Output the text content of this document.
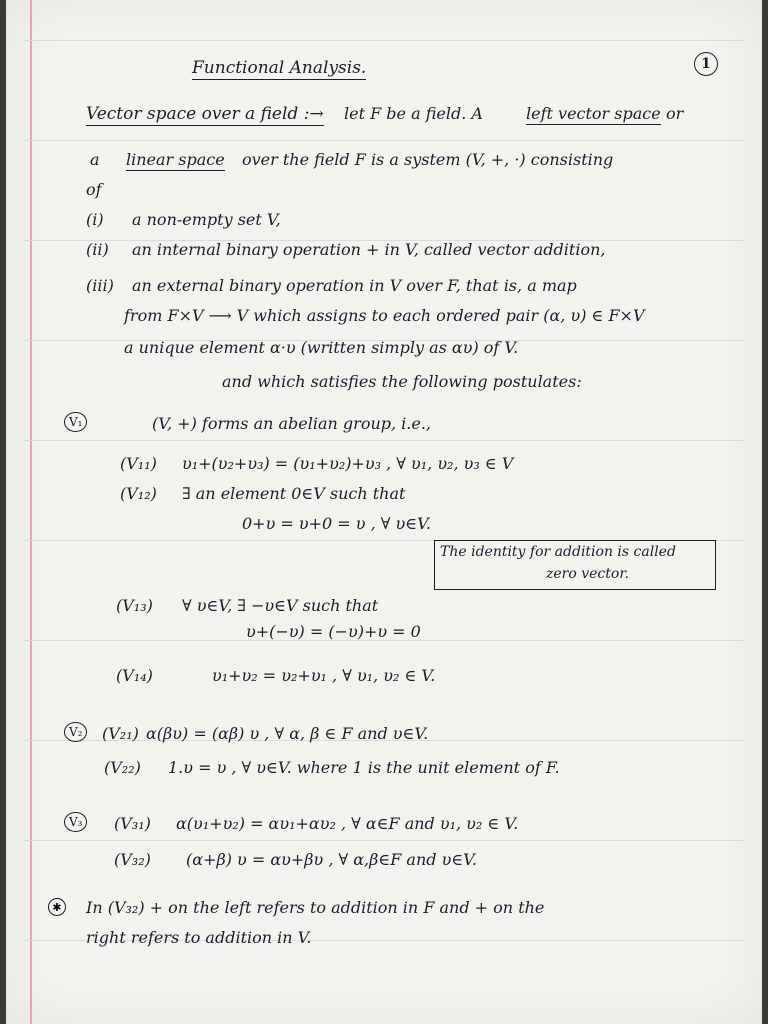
1
Functional Analysis.
Vector space over a field :→ let F be a field. A	left vector space or
a linear space over the field F is a system (V, +, ·) consisting
of
(i) a non-empty set V,
(ii) an internal binary operation + in V, called vector addition,
(iii) an external binary operation in V over F, that is, a map
from F×V ⟶ V which assigns to each ordered pair (α, υ) ∈ F×V
a unique element α·υ (written simply as αυ) of V.
and which satisfies the following postulates:
V₁	(V, +) forms an abelian group, i.e.,
(V₁₁) υ₁+(υ₂+υ₃) = (υ₁+υ₂)+υ₃ , ∀ υ₁, υ₂, υ₃ ∈ V
(V₁₂) ∃ an element 0∈V such that
0+υ = υ+0 = υ , ∀ υ∈V.
The identity for addition is called
zero vector.
(V₁₃) ∀ υ∈V, ∃ −υ∈V such that
υ+(−υ) = (−υ)+υ = 0
(V₁₄)	υ₁+υ₂ = υ₂+υ₁ , ∀ υ₁, υ₂ ∈ V.
V₂	(V₂₁) α(βυ) = (αβ) υ , ∀ α, β ∈ F and υ∈V.
(V₂₂) 1.υ = υ , ∀ υ∈V. where 1 is the unit element of F.
V₃	(V₃₁) α(υ₁+υ₂) = αυ₁+αυ₂ , ∀ α∈F and υ₁, υ₂ ∈ V.
(V₃₂) (α+β) υ = αυ+βυ , ∀ α,β∈F and υ∈V.
✱ In (V₃₂) + on the left refers to addition in F and + on the
right refers to addition in V.
